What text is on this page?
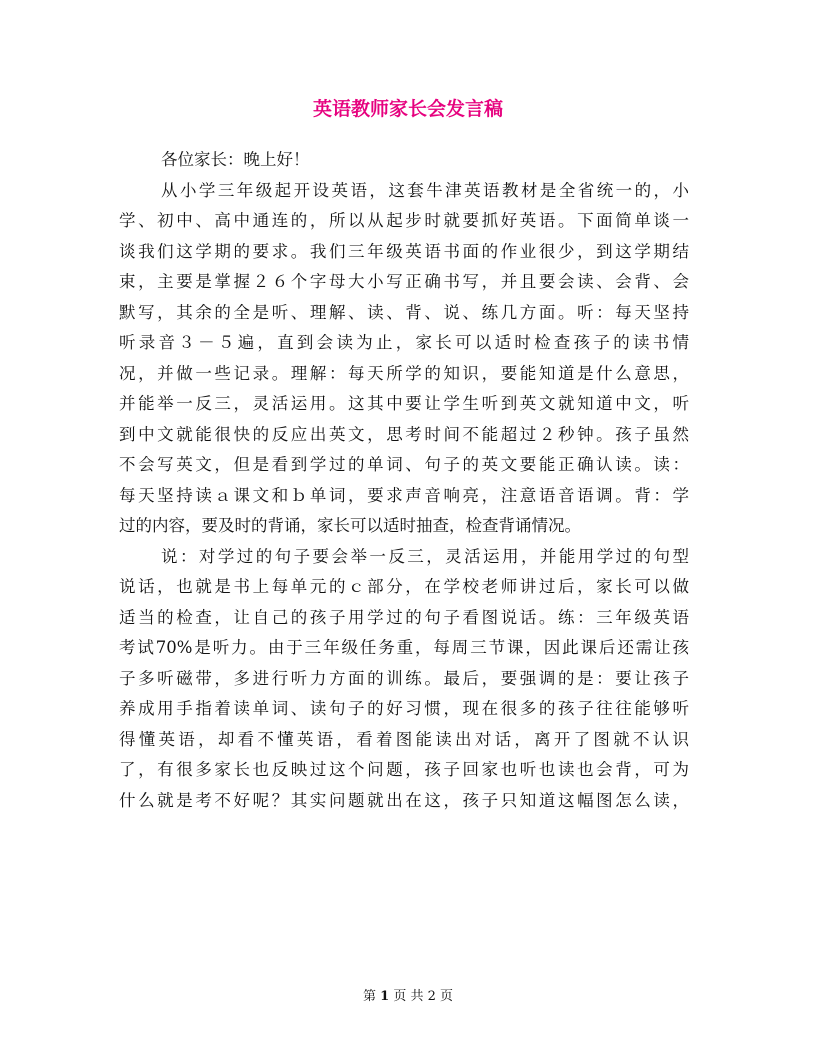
英语教师家长会发言稿
各位家长：晚上好！
从小学三年级起开设英语，这套牛津英语教材是全省统一的，小
学、初中、高中通连的，所以从起步时就要抓好英语。下面简单谈一
谈我们这学期的要求。我们三年级英语书面的作业很少，到这学期结
束，主要是掌握２６个字母大小写正确书写，并且要会读、会背、会
默写，其余的全是听、理解、读、背、说、练几方面。听：每天坚持
听录音３－５遍，直到会读为止，家长可以适时检查孩子的读书情
况，并做一些记录。理解：每天所学的知识，要能知道是什么意思，
并能举一反三，灵活运用。这其中要让学生听到英文就知道中文，听
到中文就能很快的反应出英文，思考时间不能超过２秒钟。孩子虽然
不会写英文，但是看到学过的单词、句子的英文要能正确认读。读：
每天坚持读ａ课文和ｂ单词，要求声音响亮，注意语音语调。背：学
过的内容，要及时的背诵，家长可以适时抽查，检查背诵情况。
说：对学过的句子要会举一反三，灵活运用，并能用学过的句型
说话，也就是书上每单元的ｃ部分，在学校老师讲过后，家长可以做
适当的检查，让自己的孩子用学过的句子看图说话。练：三年级英语
考试70%是听力。由于三年级任务重，每周三节课，因此课后还需让孩
子多听磁带，多进行听力方面的训练。最后，要强调的是：要让孩子
养成用手指着读单词、读句子的好习惯，现在很多的孩子往往能够听
得懂英语，却看不懂英语，看着图能读出对话，离开了图就不认识
了，有很多家长也反映过这个问题，孩子回家也听也读也会背，可为
什么就是考不好呢？其实问题就出在这，孩子只知道这幅图怎么读，
第 1 页 共 2 页
